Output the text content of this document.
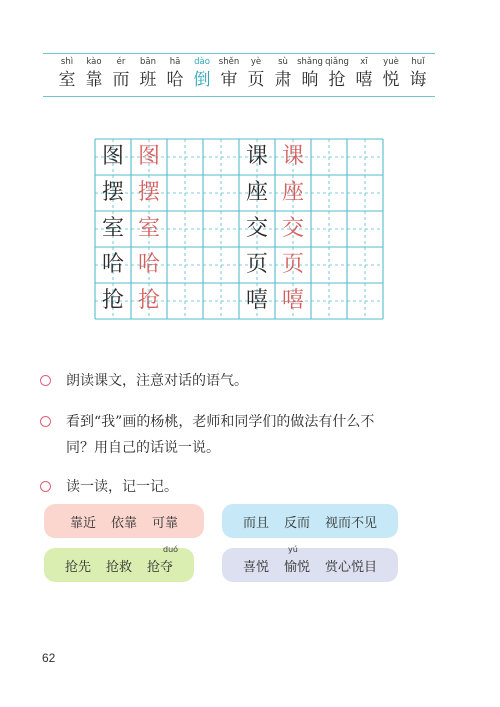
shì
室
kào
靠
ér
而
bān
班
hā
哈
dào
倒
shěn
审
yè
页
sù
肃
shǎng
晌
qiǎng
抢
xī
嘻
yuè
悦
huǐ
诲
图 图
摆 摆
室 室
哈 哈
抢 抢
课 课
座 座
交 交
页 页
嘻 嘻
朗读课文，注意对话的语气。
看到“我”画的杨桃，老师和同学们的做法有什么不
同？用自己的话说一说。
读一读，记一记。
靠近 依靠 可靠	而且 反而 视而不见
抢先 抢救
duó
抢夺	喜悦
yú
愉悦 赏心悦目
62
